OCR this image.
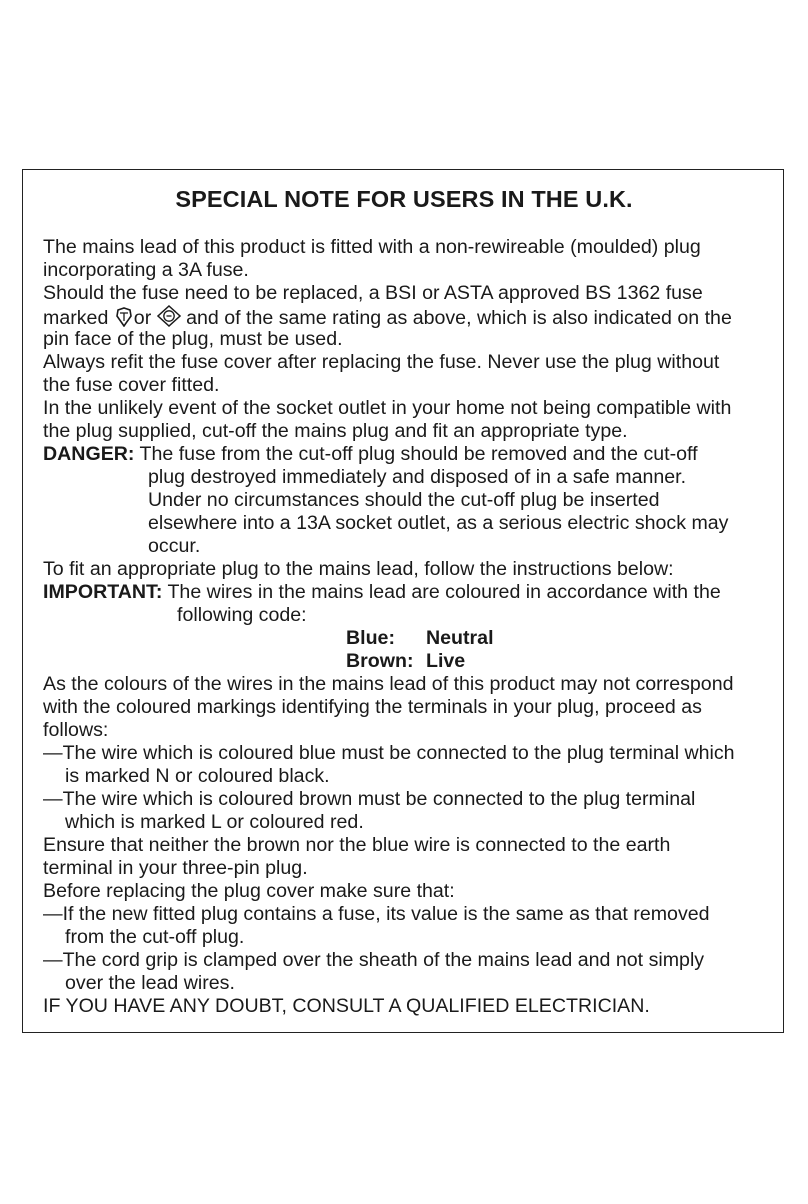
SPECIAL NOTE FOR USERS IN THE U.K.
The mains lead of this product is fitted with a non-rewireable (moulded) plug
incorporating a 3A fuse.
Should the fuse need to be replaced, a BSI or ASTA approved BS 1362 fuse
marked or and of the same rating as above, which is also indicated on the
pin face of the plug, must be used.
Always refit the fuse cover after replacing the fuse. Never use the plug without
the fuse cover fitted.
In the unlikely event of the socket outlet in your home not being compatible with
the plug supplied, cut-off the mains plug and fit an appropriate type.
DANGER: The fuse from the cut-off plug should be removed and the cut-off
plug destroyed immediately and disposed of in a safe manner.
Under no circumstances should the cut-off plug be inserted
elsewhere into a 13A socket outlet, as a serious electric shock may
occur.
To fit an appropriate plug to the mains lead, follow the instructions below:
IMPORTANT: The wires in the mains lead are coloured in accordance with the
following code:
Blue: Neutral
Brown: Live
As the colours of the wires in the mains lead of this product may not correspond
with the coloured markings identifying the terminals in your plug, proceed as
follows:
—The wire which is coloured blue must be connected to the plug terminal which
is marked N or coloured black.
—The wire which is coloured brown must be connected to the plug terminal
which is marked L or coloured red.
Ensure that neither the brown nor the blue wire is connected to the earth
terminal in your three-pin plug.
Before replacing the plug cover make sure that:
—If the new fitted plug contains a fuse, its value is the same as that removed
from the cut-off plug.
—The cord grip is clamped over the sheath of the mains lead and not simply
over the lead wires.
IF YOU HAVE ANY DOUBT, CONSULT A QUALIFIED ELECTRICIAN.
